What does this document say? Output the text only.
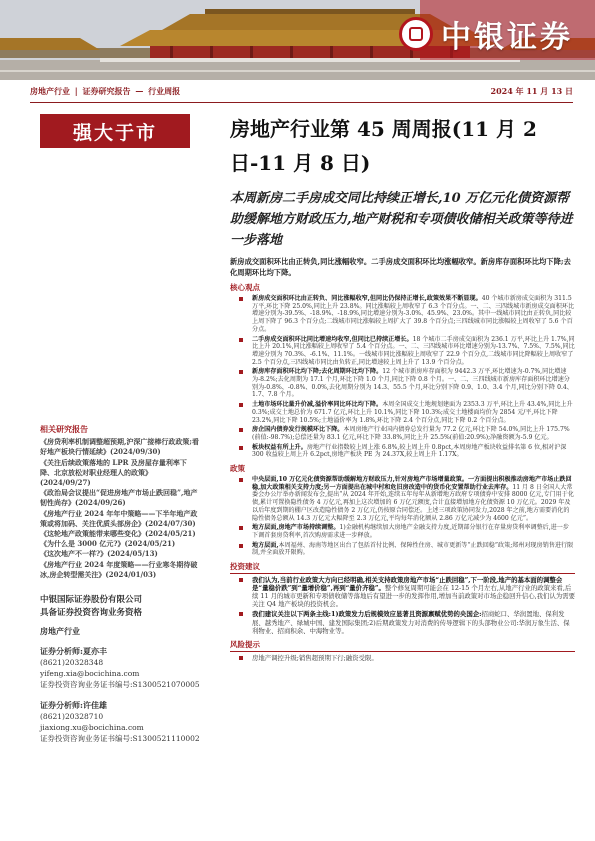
中银证券
房地产行业 | 证券研究报告 — 行业周报	2024 年 11 月 13 日
强大于市	房地产行业第 45 周周报(11 月 2 日-11 月 8 日)
本周新房二手房成交同比持续正增长,10 万亿元化债资源帮助缓解地方财政压力,地产财税和专项债收储相关政策等待进一步落地
新房成交面积环比由正转负,同比涨幅收窄。二手房成交面积环比均涨幅收窄。新房库存面积环比均下降;去化周期环比均下降。
核心观点
新房成交面积环比由正转负、同比涨幅收窄,但同比仍保持正增长,政策效果不断显现。40 个城市新房成交面积为 311.5 万平,环比下降 25.0%,同比上升 23.8%。同比涨幅较上周收窄了 6.3 个百分点。一、二、三四线城市新房成交面积环比增速分别为-39.5%、-18.9%、-18.9%,同比增速分别为-3.0%、45.9%、23.0%。其中一线城市同比由正转负,同比较上周下降了 96.3 个百分点;二线城市同比涨幅较上周扩大了 39.8 个百分点;三四线城市同比涨幅较上周收窄了 5.6 个百分点。
二手房成交面积环比同比增速均收窄,但同比已持续正增长。18 个城市二手房成交面积为 236.1 万平,环比上升 1.7%,同比上升 20.1%,同比涨幅较上周收窄了 5.4 个百分点。一、二、三四线城市环比增速分别为-13.7%、7.5%、7.5%,同比增速分别为 70.3%、-6.1%、11.1%。一线城市同比涨幅较上周收窄了 22.9 个百分点,二线城市同比降幅较上周收窄了 2.5 个百分点,三四线城市同比由负转正,同比增速较上周上升了 13.9 个百分点。
新房库存面积环比均下降;去化周期环比均下降。12 个城市新房库存面积为 9442.3 万平,环比增速为-0.7%,同比增速为-8.2%;去化周期为 17.1 个月,环比下降 1.0 个月,同比下降 0.8 个月。一、二、三四线城市新房库存面积环比增速分别为-0.8%、-0.8%、0.0%,去化周期分别为 14.3、55.5 个月,环比分别下降 0.9、1.0、3.4 个月,同比分别下降 0.4、1.7、7.8 个月。
土地市场环比量升价减,溢价率同比环比均下降。本周全国成交土地规划建面为 2353.3 万平,环比上升 43.4%,同比上升 0.3%;成交土地总价为 671.7 亿元,环比上升 10.1%,同比下降 10.3%;成交土地楼面均价为 2854 元/平,环比下降 23.2%,同比下降 10.5%;土地溢价率为 1.8%,环比下降 2.4 个百分点,同比下降 0.2 个百分点。
房企国内债券发行规模环比下降。本周房地产行业国内债券总发行量为 77.2 亿元,环比下降 54.0%,同比上升 175.7%(前值:-98.7%);总偿还量为 83.1 亿元,环比下降 33.8%,同比上升 25.5%(前值:20.9%);净融资额为-5.9 亿元。
板块权益有所上升。房地产行业指数较上周上涨 6.8%,较上周上升 0.8pct,本周房地产板块收益排名第 6 位,相对沪深 300 收益较上周上升 6.2pct,房地产板块 PE 为 24.37X,较上周上升 1.17X。
政策
中央层面,10 万亿元化债资源帮助缓解地方财政压力,针对房地产市场增量政策。一方面提出积极推动房地产市场止跌回稳,加大政策相关支持力度;另一方面提出在城中村和危旧房改造中的货币化安置帮助行业去库存。11 月 8 日全国人大常委会办公厅举办新闻发布会,提出“从 2024 年开始,连续五年每年从新增地方政府专项债券中安排 8000 亿元,专门用于化债,累计可置换隐性债务 4 万亿元,再加上这次增加的 6 万亿元额度,合计直接增加地方化债资源 10 万亿元。2029 年及以后年度到期的棚户区改造隐性债务 2 万亿元,仍按原合同偿还。上述三项政策协同发力,2028 年之前,地方需要消化的隐性债务总额从 14.3 万亿元大幅降至 2.3 万亿元,平均每年消化额从 2.86 万亿元减少为 4600 亿元”。
地方层面,房地产市场持续调整。1)金融机构继续加大房地产金融支持力度,近期部分银行在存量房贷利率调整后,进一步下调首套房贷利率,首次购房需求进一步释放。
地方层面,本周福州、海南等地区出台了包括首付比例、保障性住房、城市更新等“止跌回稳”政策;郑州对现房销售进行限制,并全面放开限购。
投资建议
我们认为,当前行业政策大方向已经明确,相关支持政策房地产市场“止跌回稳”,下一阶段,地产的基本面的调整会是“量稳价跌”到“量增价稳”,再到“量价齐稳”。整个修复周期可能会在 12-15 个月左右,从地产行业的政策来看,后续 11 月的城市更新和专项债收储等落地后有望进一步的发挥作用,增加当前政策对市场企稳回升信心,我们认为需要关注 Q4 地产板块的投资机会。
我们建议关注以下两条主线:1)政策发力后规模效应显著且资源禀赋优势的央国企:招商蛇口、华润置地、保利发展、越秀地产、绿城中国、建发国际集团;2)后期政策发力对消费的传导逻辑下的头部物业公司:华润万象生活、保利物业、招商积余、中海物业等。
风险提示
房地产调控升级;销售超预期下行;融资受限。
相关研究报告
《房贷利率机制调整超预期,沪深广接棒行政政策;看好地产板块行情延续》(2024/09/30)
《关注后续政策落地的 LPR 及房屋存量利率下降、北京放松对职业经理人的政策》(2024/09/27)
《政治局会议提出“促进房地产市场止跌回稳”,地产韧性尚存》(2024/09/26)
《房地产行业 2024 年年中策略——下半年地产政策或将加码、关注优质头部房企》(2024/07/30)
《这轮地产政策能带来哪些变化》(2024/05/21)
《为什么是 3000 亿元?》(2024/05/21)
《这次地产不一样?》(2024/05/13)
《房地产行业 2024 年度策略——行业寒冬期待破冰,房企转型需关注》(2024/01/03)
中银国际证券股份有限公司
具备证券投资咨询业务资格
房地产行业
证券分析师:夏亦丰
(8621)20328348
yifeng.xia@bocichina.com
证券投资咨询业务证书编号:S1300521070005
证券分析师:许佳雄
(8621)20328710
jiaxiong.xu@bocichina.com
证券投资咨询业务证书编号:S1300521110002
